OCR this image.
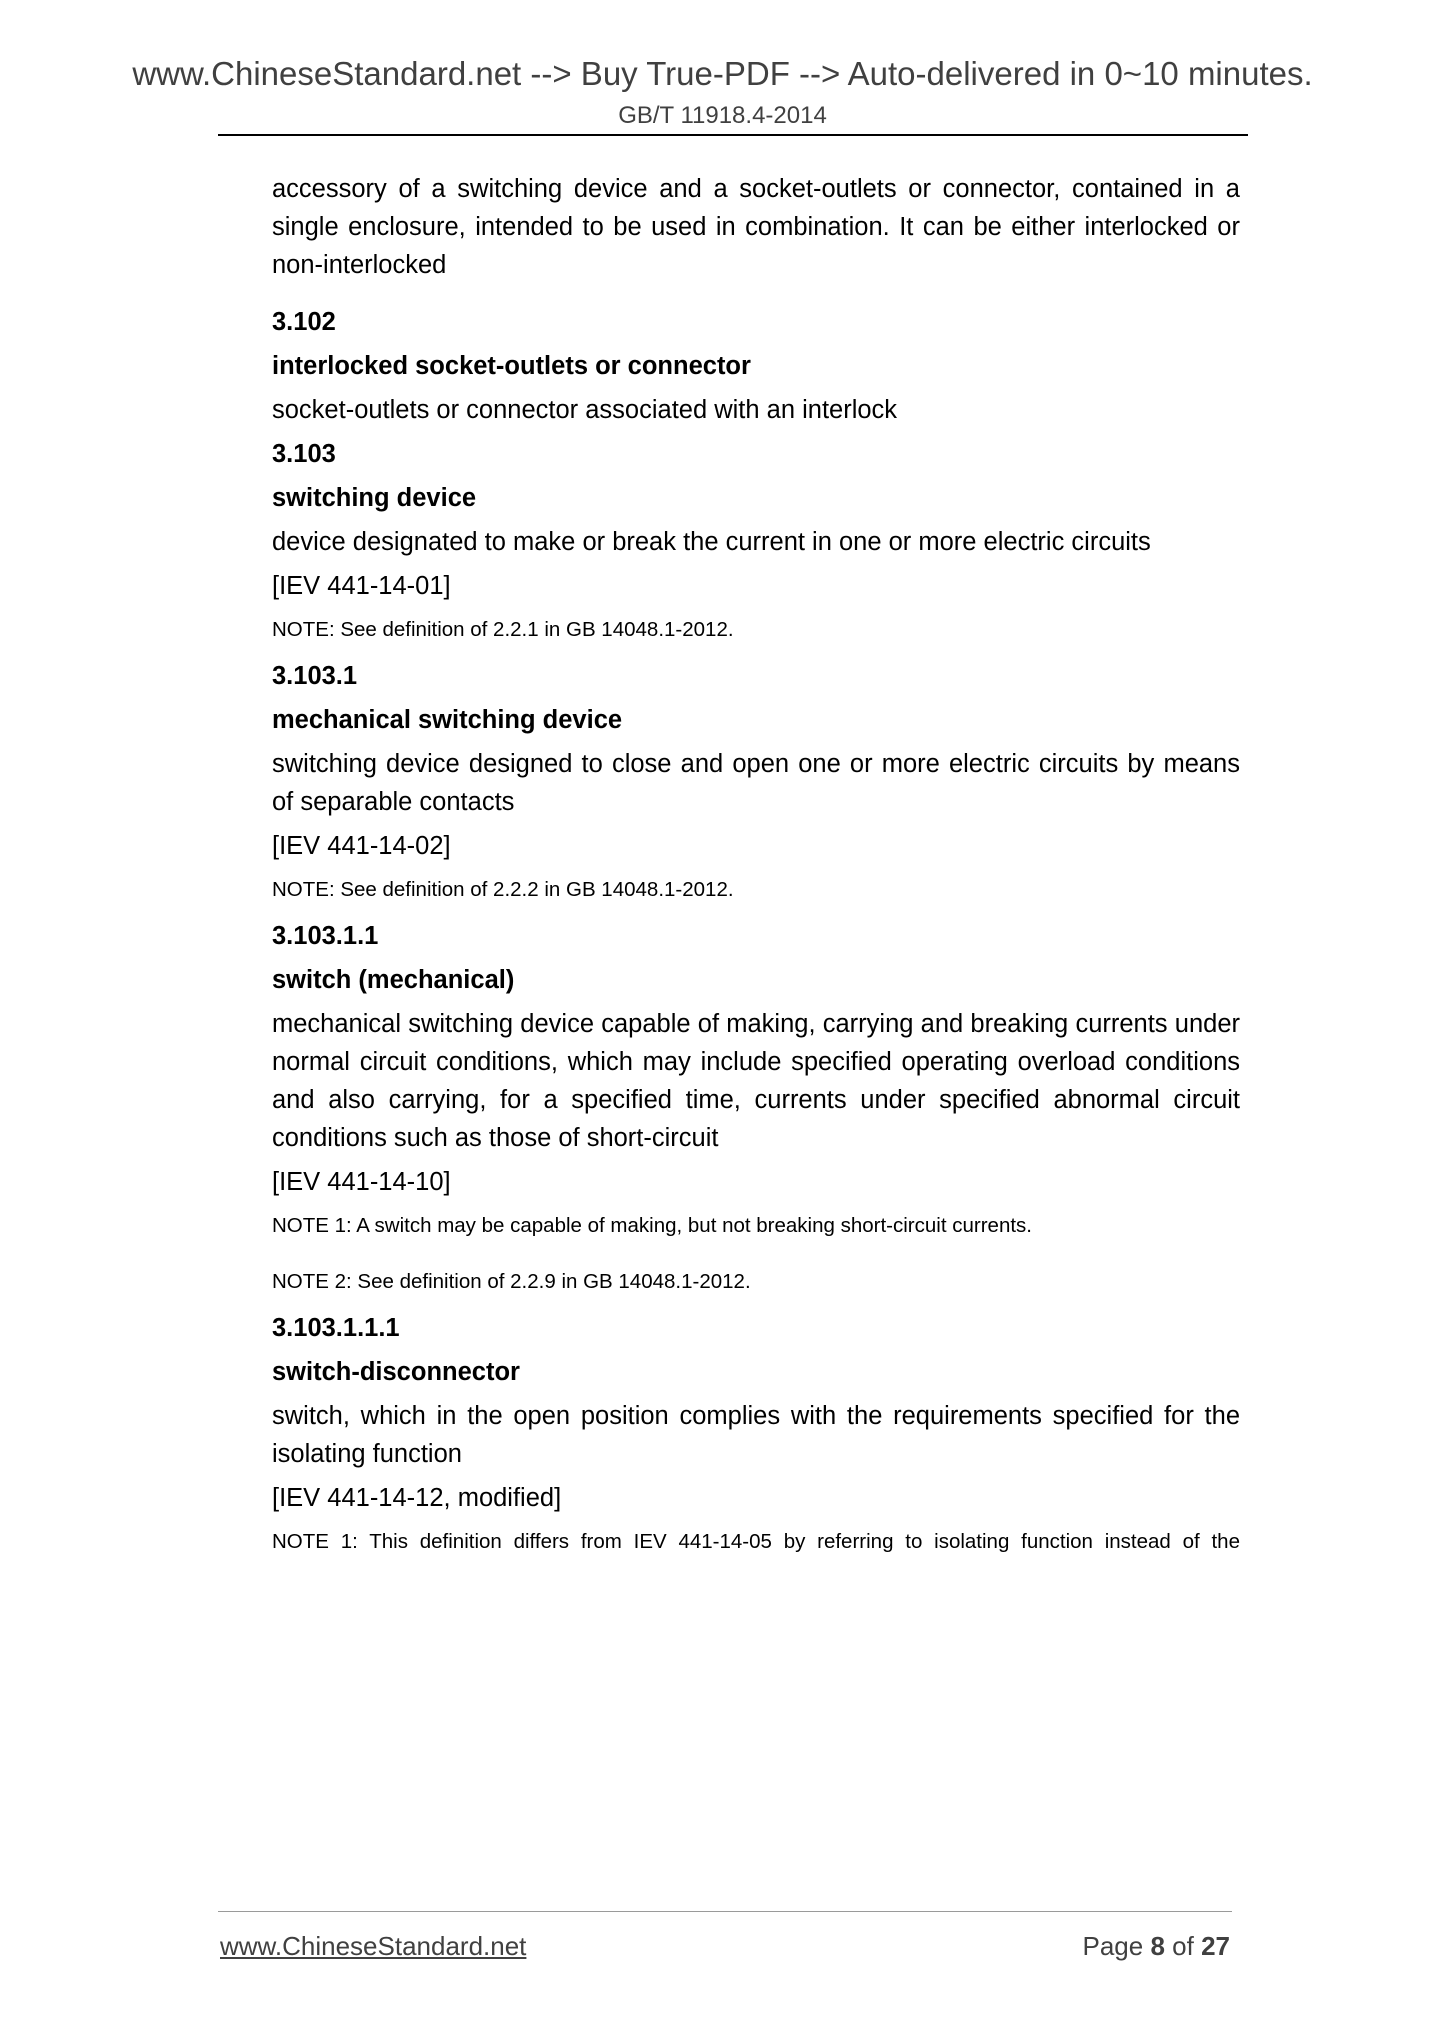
www.ChineseStandard.net --> Buy True-PDF --> Auto-delivered in 0~10 minutes.
GB/T 11918.4-2014

accessory of a switching device and a socket-outlets or connector, contained in a single enclosure, intended to be used in combination. It can be either interlocked or non-interlocked

3.102

interlocked socket-outlets or connector

socket-outlets or connector associated with an interlock

3.103

switching device

device designated to make or break the current in one or more electric circuits

[IEV 441-14-01]

NOTE: See definition of 2.2.1 in GB 14048.1-2012.

3.103.1

mechanical switching device

switching device designed to close and open one or more electric circuits by means of separable contacts

[IEV 441-14-02]

NOTE: See definition of 2.2.2 in GB 14048.1-2012.

3.103.1.1

switch (mechanical)

mechanical switching device capable of making, carrying and breaking currents under normal circuit conditions, which may include specified operating overload conditions and also carrying, for a specified time, currents under specified abnormal circuit conditions such as those of short-circuit

[IEV 441-14-10]

NOTE 1: A switch may be capable of making, but not breaking short-circuit currents.

NOTE 2: See definition of 2.2.9 in GB 14048.1-2012.

3.103.1.1.1

switch-disconnector

switch, which in the open position complies with the requirements specified for the isolating function

[IEV 441-14-12, modified]

NOTE 1: This definition differs from IEV 441-14-05 by referring to isolating function instead of the

www.ChineseStandard.net	Page 8 of 27
